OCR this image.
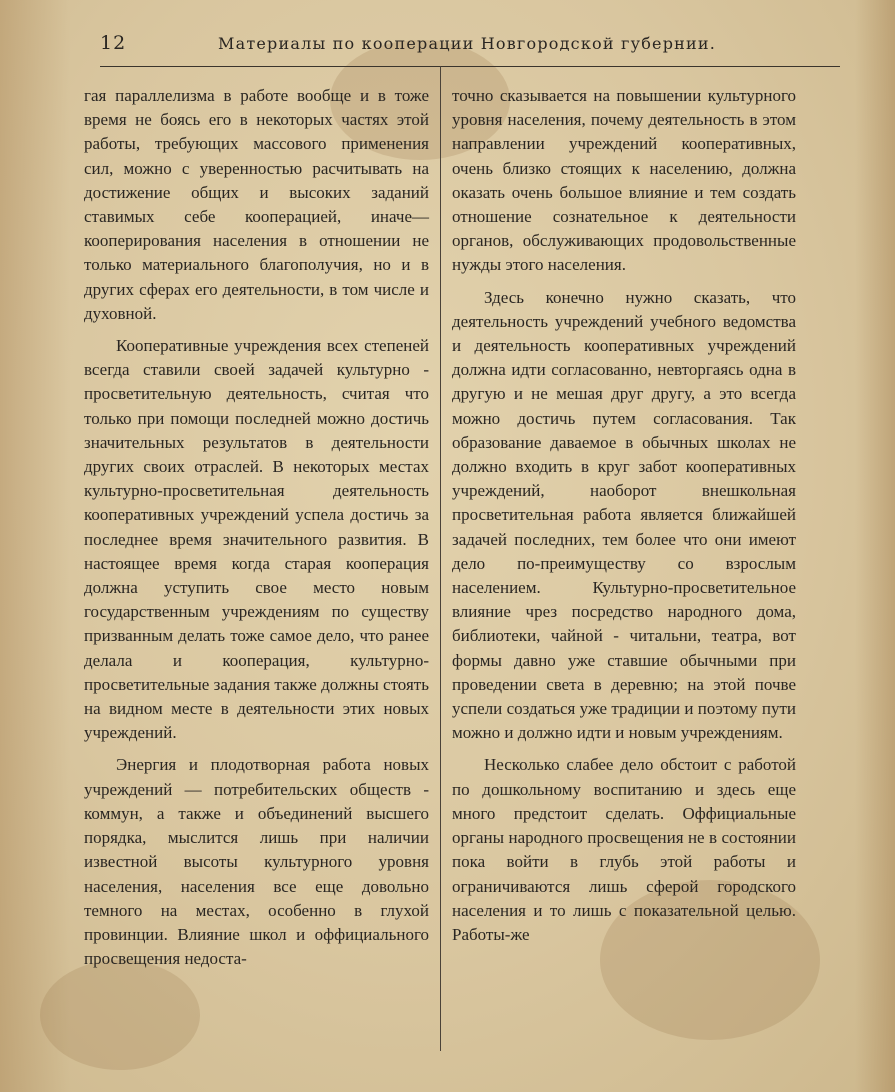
12	Материалы по кооперации Новгородской губернии.

гая параллелизма в работе вообще и в тоже время не боясь его в некоторых частях этой работы, требующих массового применения сил, можно с уверенностью расчитывать на достижение общих и высоких заданий ставимых себе кооперацией, иначе—кооперирования населения в отношении не только материального благополучия, но и в других сферах его деятельности, в том числе и духовной.

Кооперативные учреждения всех степеней всегда ставили своей задачей культурно - просветительную деятельность, считая что только при помощи последней можно достичь значительных результатов в деятельности других своих отраслей. В некоторых местах культурно-просветительная деятельность кооперативных учреждений успела достичь за последнее время значительного развития. В настоящее время когда старая кооперация должна уступить свое место новым государственным учреждениям по существу призванным делать тоже самое дело, что ранее делала и кооперация, культурно-просветительные задания также должны стоять на видном месте в деятельности этих новых учреждений.

Энергия и плодотворная работа новых учреждений — потребительских обществ - коммун, а также и объединений высшего порядка, мыслится лишь при наличии известной высоты культурного уровня населения, населения все еще довольно темного на местах, особенно в глухой провинции. Влияние школ и оффициального просвещения недоста-

точно сказывается на повышении культурного уровня населения, почему деятельность в этом направлении учреждений кооперативных, очень близко стоящих к населению, должна оказать очень большое влияние и тем создать отношение сознательное к деятельности органов, обслуживающих продовольственные нужды этого населения.

Здесь конечно нужно сказать, что деятельность учреждений учебного ведомства и деятельность кооперативных учреждений должна идти согласованно, невторгаясь одна в другую и не мешая друг другу, а это всегда можно достичь путем согласования. Так образование даваемое в обычных школах не должно входить в круг забот кооперативных учреждений, наоборот внешкольная просветительная работа является ближайшей задачей последних, тем более что они имеют дело по-преимуществу со взрослым населением. Культурно-просветительное влияние чрез посредство народного дома, библиотеки, чайной - читальни, театра, вот формы давно уже ставшие обычными при проведении света в деревню; на этой почве успели создаться уже традиции и поэтому пути можно и должно идти и новым учреждениям.

Несколько слабее дело обстоит с работой по дошкольному воспитанию и здесь еще много предстоит сделать. Оффициальные органы народного просвещения не в состоянии пока войти в глубь этой работы и ограничиваются лишь сферой городского населения и то лишь с показательной целью. Работы-же
